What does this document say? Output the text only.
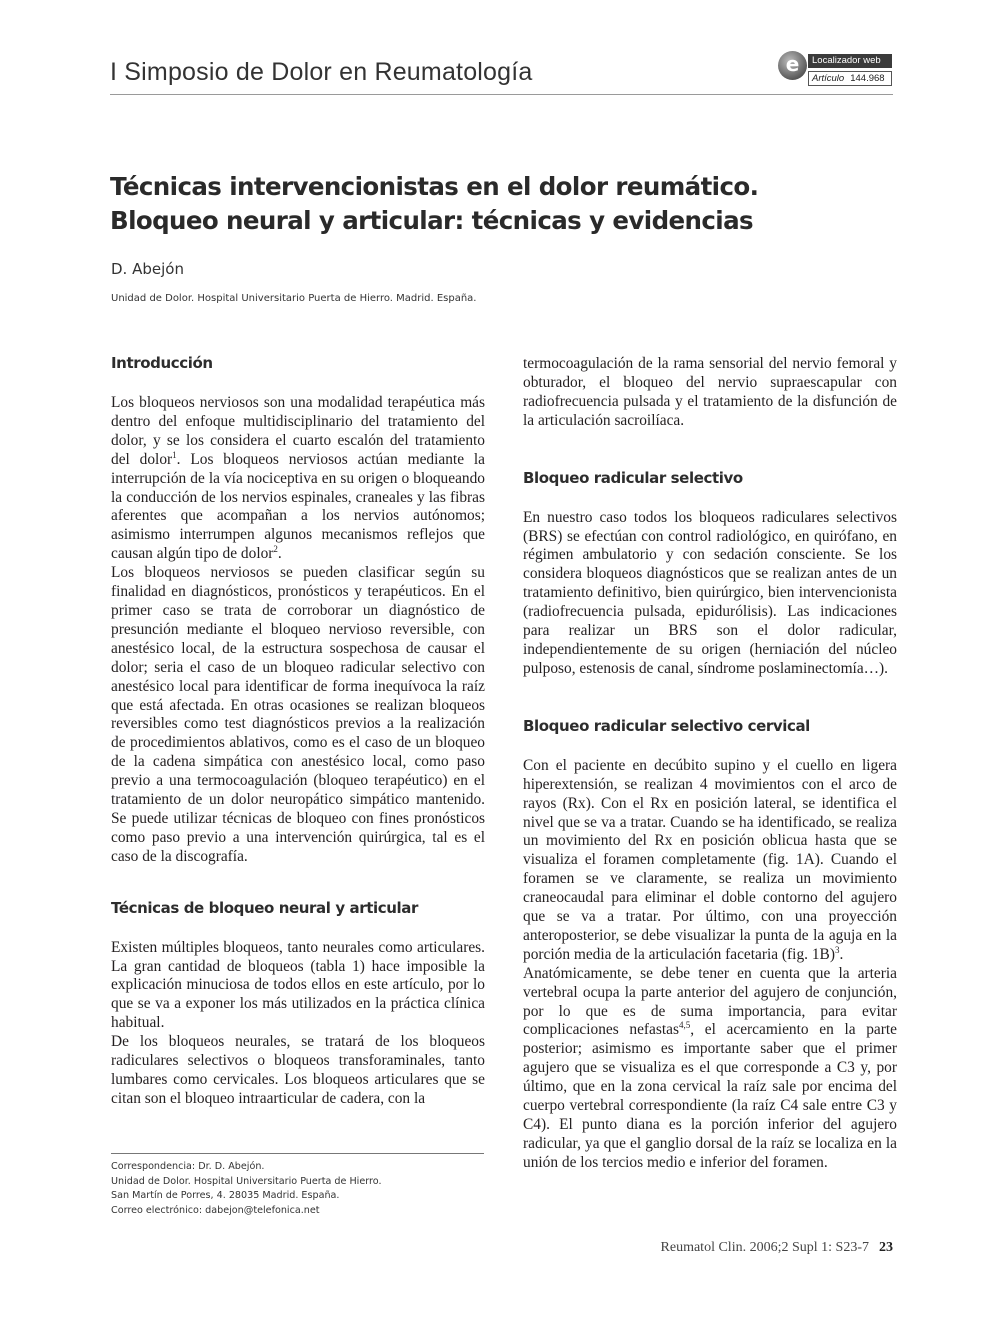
I Simposio de Dolor en Reumatología	e	Localizador web
Artículo 144.968
Técnicas intervencionistas en el dolor reumático.
Bloqueo neural y articular: técnicas y evidencias
D. Abejón
Unidad de Dolor. Hospital Universitario Puerta de Hierro. Madrid. España.
Introducción

Los bloqueos nerviosos son una modalidad terapéutica más dentro del enfoque multidisciplinario del tratamiento del dolor, y se los considera el cuarto escalón del tratamiento del dolor$^1$. Los bloqueos nerviosos actúan mediante la interrupción de la vía nociceptiva en su origen o bloqueando la conducción de los nervios espinales, craneales y las fibras aferentes que acompañan a los nervios autónomos; asimismo interrumpen algunos mecanismos reflejos que causan algún tipo de dolor$^2$.

Los bloqueos nerviosos se pueden clasificar según su finalidad en diagnósticos, pronósticos y terapéuticos. En el primer caso se trata de corroborar un diagnóstico de presunción mediante el bloqueo nervioso reversible, con anestésico local, de la estructura sospechosa de causar el dolor; seria el caso de un bloqueo radicular selectivo con anestésico local para identificar de forma inequívoca la raíz que está afectada. En otras ocasiones se realizan bloqueos reversibles como test diagnósticos previos a la realización de procedimientos ablativos, como es el caso de un bloqueo de la cadena simpática con anestésico local, como paso previo a una termocoagulación (bloqueo terapéutico) en el tratamiento de un dolor neuropático simpático mantenido. Se puede utilizar técnicas de bloqueo con fines pronósticos como paso previo a una intervención quirúrgica, tal es el caso de la discografía.

Técnicas de bloqueo neural y articular

Existen múltiples bloqueos, tanto neurales como articulares. La gran cantidad de bloqueos (tabla 1) hace imposible la explicación minuciosa de todos ellos en este artículo, por lo que se va a exponer los más utilizados en la práctica clínica habitual.

De los bloqueos neurales, se tratará de los bloqueos radiculares selectivos o bloqueos transforaminales, tanto lumbares como cervicales. Los bloqueos articulares que se citan son el bloqueo intraarticular de cadera, con la

termocoagulación de la rama sensorial del nervio femoral y obturador, el bloqueo del nervio supraescapular con radiofrecuencia pulsada y el tratamiento de la disfunción de la articulación sacroilíaca.

Bloqueo radicular selectivo

En nuestro caso todos los bloqueos radiculares selectivos (BRS) se efectúan con control radiológico, en quirófano, en régimen ambulatorio y con sedación consciente. Se los considera bloqueos diagnósticos que se realizan antes de un tratamiento definitivo, bien quirúrgico, bien intervencionista (radiofrecuencia pulsada, epidurólisis). Las indicaciones para realizar un BRS son el dolor radicular, independientemente de su origen (herniación del núcleo pulposo, estenosis de canal, síndrome poslaminectomía…).

Bloqueo radicular selectivo cervical

Con el paciente en decúbito supino y el cuello en ligera hiperextensión, se realizan 4 movimientos con el arco de rayos (Rx). Con el Rx en posición lateral, se identifica el nivel que se va a tratar. Cuando se ha identificado, se realiza un movimiento del Rx en posición oblicua hasta que se visualiza el foramen completamente (fig. 1A). Cuando el foramen se ve claramente, se realiza un movimiento craneocaudal para eliminar el doble contorno del agujero que se va a tratar. Por último, con una proyección anteroposterior, se debe visualizar la punta de la aguja en la porción media de la articulación facetaria (fig. 1B)$^3$.

Anatómicamente, se debe tener en cuenta que la arteria vertebral ocupa la parte anterior del agujero de conjunción, por lo que es de suma importancia, para evitar complicaciones nefastas$^{4,5}$, el acercamiento en la parte posterior; asimismo es importante saber que el primer agujero que se visualiza es el que corresponde a C3 y, por último, que en la zona cervical la raíz sale por encima del cuerpo vertebral correspondiente (la raíz C4 sale entre C3 y C4). El punto diana es la porción inferior del agujero radicular, ya que el ganglio dorsal de la raíz se localiza en la unión de los tercios medio e inferior del foramen.

Correspondencia: Dr. D. Abejón.
Unidad de Dolor. Hospital Universitario Puerta de Hierro.
San Martín de Porres, 4. 28035 Madrid. España.
Correo electrónico: dabejon@telefonica.net
Reumatol Clin. 2006;2 Supl 1: S23-7 23
